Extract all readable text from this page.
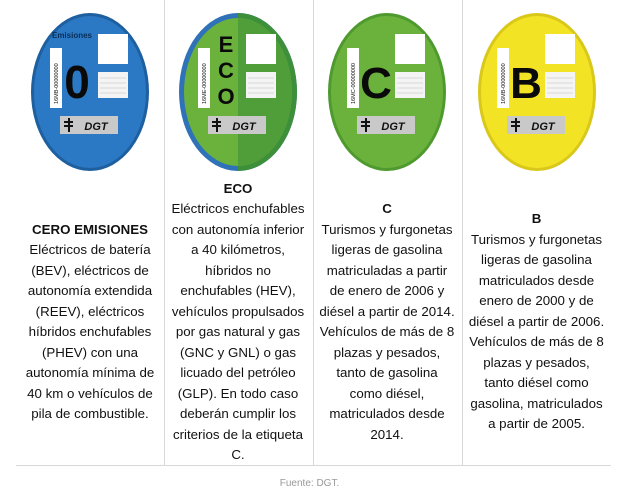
Emisiones
16MB-00000000 0
DGT
CERO EMISIONES
Eléctricos de batería
(BEV), eléctricos de
autonomía extendida
(REEV), eléctricos
híbridos enchufables
(PHEV) con una
autonomía mínima de
40 km o vehículos de
pila de combustible.
16ME-00000000
E
C
O
DGT
ECO
Eléctricos enchufables
con autonomía inferior
a 40 kilómetros,
híbridos no
enchufables (HEV),
vehículos propulsados
por gas natural y gas
(GNC y GNL) o gas
licuado del petróleo
(GLP). En todo caso
deberán cumplir los
criterios de la etiqueta
C.
16MC-00000000 C
DGT
C
Turismos y furgonetas
ligeras de gasolina
matriculadas a partir
de enero de 2006 y
diésel a partir de 2014.
Vehículos de más de 8
plazas y pesados,
tanto de gasolina
como diésel,
matriculados desde
2014.
16MB-00000000 B
DGT
B
Turismos y furgonetas
ligeras de gasolina
matriculados desde
enero de 2000 y de
diésel a partir de 2006.
Vehículos de más de 8
plazas y pesados,
tanto diésel como
gasolina, matriculados
a partir de 2005.
Fuente: DGT.
